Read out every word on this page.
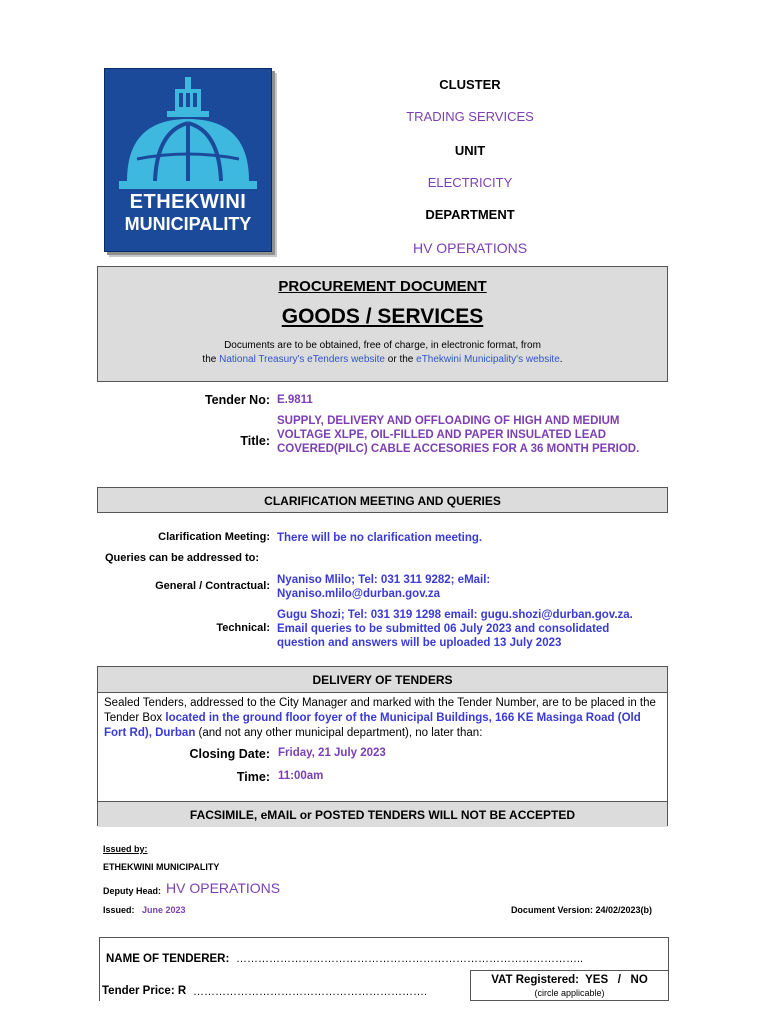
ETHEKWINI
MUNICIPALITY
CLUSTER
TRADING SERVICES
UNIT
ELECTRICITY
DEPARTMENT
HV OPERATIONS
PROCUREMENT DOCUMENT
GOODS / SERVICES
Documents are to be obtained, free of charge, in electronic format, from
the National Treasury's eTenders website or the eThekwini Municipality's website.
Tender No: E.9811
Title:
SUPPLY, DELIVERY AND OFFLOADING OF HIGH AND MEDIUM
VOLTAGE XLPE, OIL-FILLED AND PAPER INSULATED LEAD
COVERED(PILC) CABLE ACCESORIES FOR A 36 MONTH PERIOD.
CLARIFICATION MEETING AND QUERIES
Clarification Meeting: There will be no clarification meeting.
Queries can be addressed to:
General / Contractual: Nyaniso Mlilo; Tel: 031 311 9282; eMail:
Nyaniso.mlilo@durban.gov.za
Technical:
Gugu Shozi; Tel: 031 319 1298 email: gugu.shozi@durban.gov.za.
Email queries to be submitted 06 July 2023 and consolidated
question and answers will be uploaded 13 July 2023
DELIVERY OF TENDERS
Sealed Tenders, addressed to the City Manager and marked with the Tender Number, are to be placed in the Tender Box located in the ground floor foyer of the Municipal Buildings, 166 KE Masinga Road (Old Fort Rd), Durban (and not any other municipal department), no later than:
Closing Date: Friday, 21 July 2023
Time: 11:00am
FACSIMILE, eMAIL or POSTED TENDERS WILL NOT BE ACCEPTED
Issued by:
ETHEKWINI MUNICIPALITY
Deputy Head: HV OPERATIONS
Issued: June 2023	Document Version: 24/02/2023(b)
NAME OF TENDERER: …………………………………………………………………………………..
VAT Registered:  YES   /   NO
(circle applicable)
Tender Price: R ……………………………………………………….
